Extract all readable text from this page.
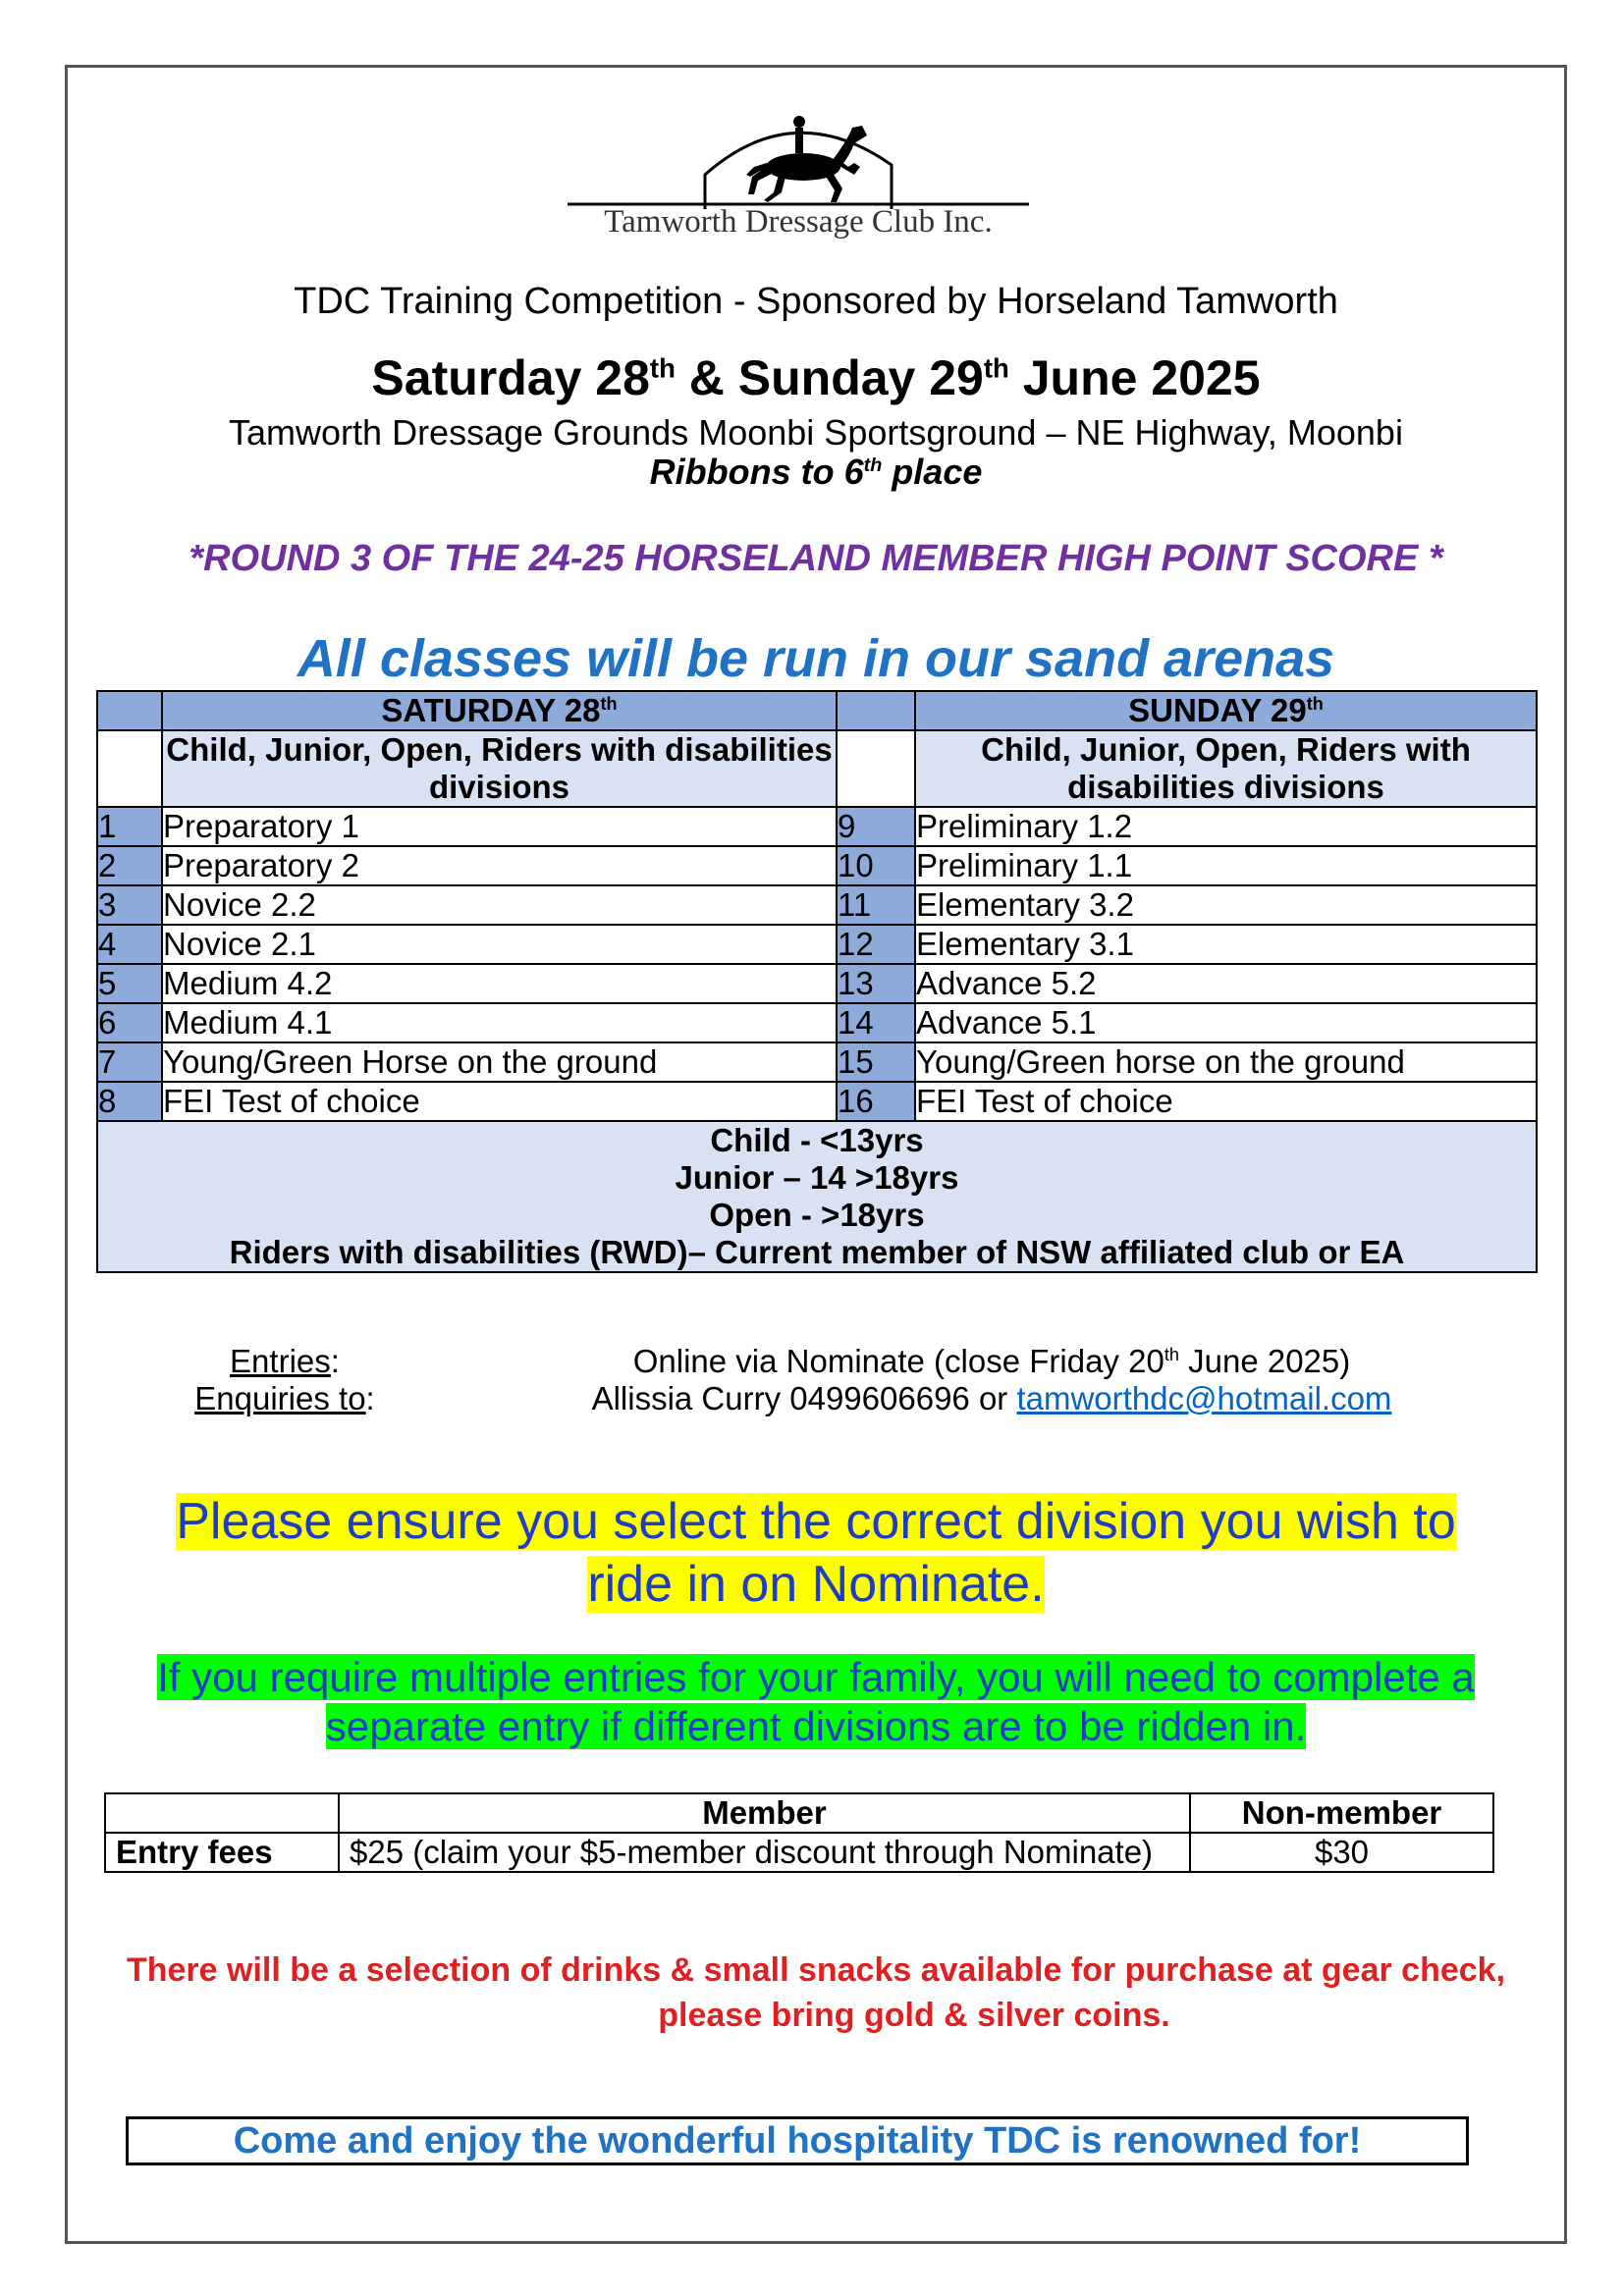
Tamworth Dressage Club Inc.
TDC Training Competition - Sponsored by Horseland Tamworth
Saturday 28th & Sunday 29th June 2025
Tamworth Dressage Grounds Moonbi Sportsground – NE Highway, Moonbi
Ribbons to 6th place
*ROUND 3 OF THE 24-25 HORSELAND MEMBER HIGH POINT SCORE *
All classes will be run in our sand arenas
	SATURDAY 28th		SUNDAY 29th
	Child, Junior, Open, Riders with disabilities divisions		Child, Junior, Open, Riders with disabilities divisions
1	Preparatory 1	9	Preliminary 1.2
2	Preparatory 2	10	Preliminary 1.1
3	Novice 2.2	11	Elementary 3.2
4	Novice 2.1	12	Elementary 3.1
5	Medium 4.2	13	Advance 5.2
6	Medium 4.1	14	Advance 5.1
7	Young/Green Horse on the ground	15	Young/Green horse on the ground
8	FEI Test of choice	16	FEI Test of choice

Child - <13yrs
Junior – 14 >18yrs
Open - >18yrs
Riders with disabilities (RWD)– Current member of NSW affiliated club or EA			
Entries:	Online via Nominate (close Friday 20th June 2025)
Enquiries to:	Allissia Curry 0499606696 or tamworthdc@hotmail.com
Please ensure you select the correct division you wish to
ride in on Nominate.
If you require multiple entries for your family, you will need to complete a
separate entry if different divisions are to be ridden in.
	Member	Non-member
Entry fees	$25 (claim your $5-member discount through Nominate)	$30
There will be a selection of drinks & small snacks available for purchase at gear check,
please bring gold & silver coins.
Come and enjoy the wonderful hospitality TDC is renowned for!
